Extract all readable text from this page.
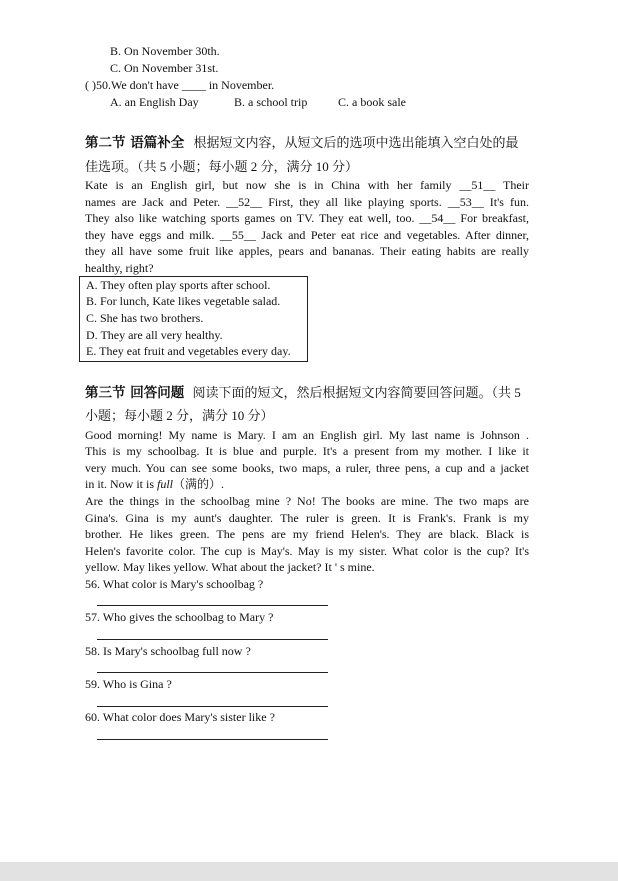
B. On November 30th.
C. On November 31st.
( )50.We don't have ____ in November.
A. an English Day	B. a school trip	C. a book sale
第二节 语篇补全 根据短文内容，从短文后的选项中选出能填入空白处的最
佳选项。（共 5 小题；每小题 2 分，满分 10 分）
Kate is an English girl, but now she is in China with her family __51__ Their
names are Jack and Peter. __52__ First, they all like playing sports. __53__ It's fun.
They also like watching sports games on TV. They eat well, too. __54__ For breakfast,
they have eggs and milk. __55__ Jack and Peter eat rice and vegetables. After dinner,
they all have some fruit like apples, pears and bananas. Their eating habits are really
healthy, right?
A. They often play sports after school.
B. For lunch, Kate likes vegetable salad.
C. She has two brothers.
D. They are all very healthy.
E. They eat fruit and vegetables every day.
第三节 回答问题 阅读下面的短文，然后根据短文内容简要回答问题。（共 5
小题；每小题 2 分，满分 10 分）
Good morning! My name is Mary. I am an English girl. My last name is Johnson .
This is my schoolbag. It is blue and purple. It's a present from my mother. I like it
very much. You can see some books, two maps, a ruler, three pens, a cup and a jacket
in it. Now it is full（满的）.
Are the things in the schoolbag mine ? No! The books are mine. The two maps are
Gina's. Gina is my aunt's daughter. The ruler is green. It is Frank's. Frank is my
brother. He likes green. The pens are my friend Helen's. They are black. Black is
Helen's favorite color. The cup is May's. May is my sister. What color is the cup? It's
yellow. May likes yellow. What about the jacket? It ' s mine.
56. What color is Mary's schoolbag ?
57. Who gives the schoolbag to Mary ?
58. Is Mary's schoolbag full now ?
59. Who is Gina ?
60. What color does Mary's sister like ?
